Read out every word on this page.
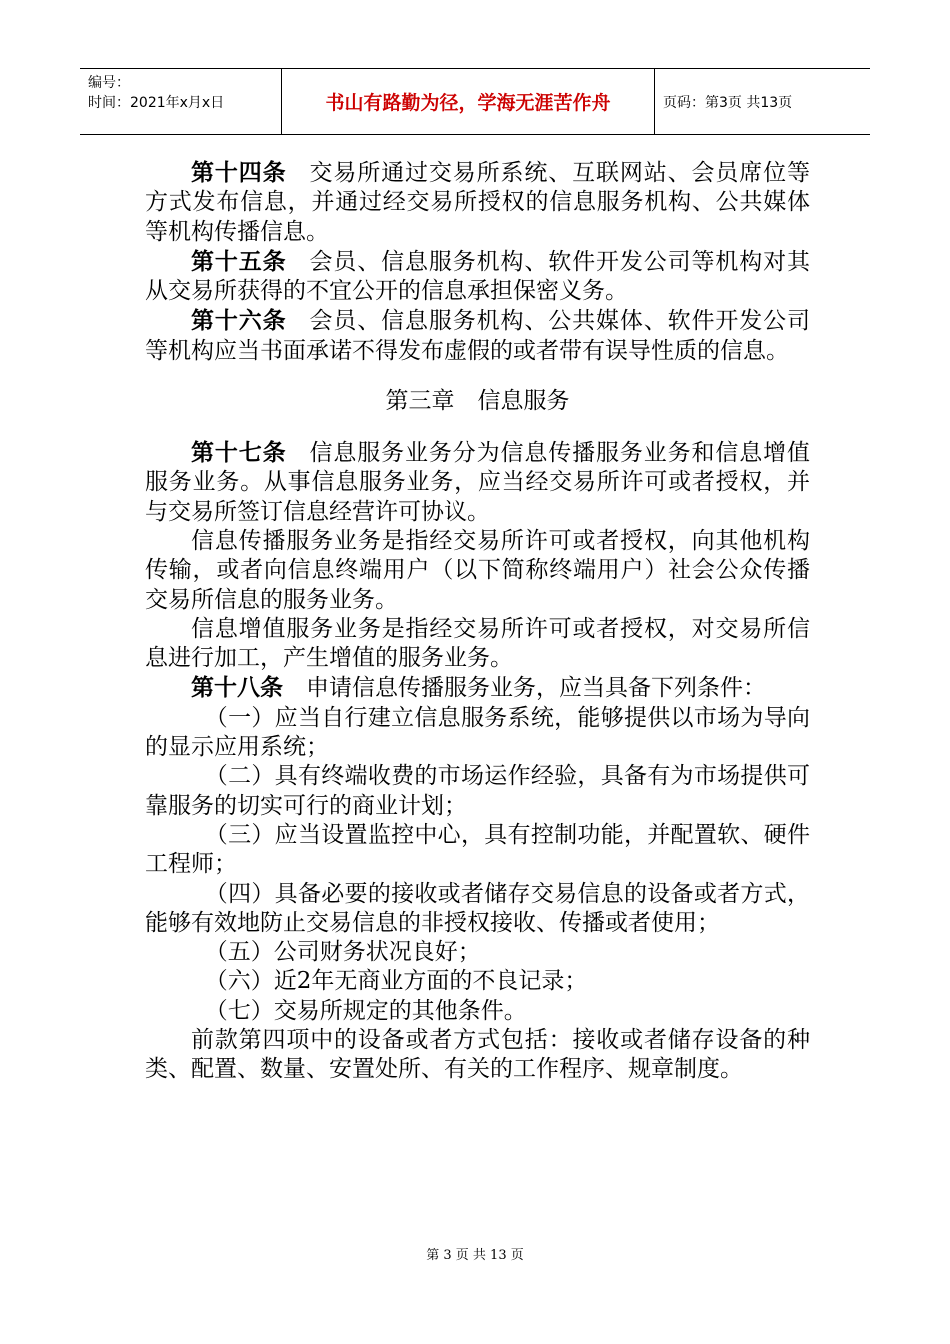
编号：
时间：2021年x月x日	书山有路勤为径，学海无涯苦作舟	页码：第3页 共13页

第十四条 交易所通过交易所系统、互联网站、会员席位等方式发布信息，并通过经交易所授权的信息服务机构、公共媒体等机构传播信息。

第十五条 会员、信息服务机构、软件开发公司等机构对其从交易所获得的不宜公开的信息承担保密义务。

第十六条 会员、信息服务机构、公共媒体、软件开发公司等机构应当书面承诺不得发布虚假的或者带有误导性质的信息。

第三章　信息服务

第十七条 信息服务业务分为信息传播服务业务和信息增值服务业务。从事信息服务业务，应当经交易所许可或者授权，并与交易所签订信息经营许可协议。

信息传播服务业务是指经交易所许可或者授权，向其他机构传输，或者向信息终端用户（以下简称终端用户）社会公众传播交易所信息的服务业务。

信息增值服务业务是指经交易所许可或者授权，对交易所信息进行加工，产生增值的服务业务。

第十八条 申请信息传播服务业务，应当具备下列条件：

（一）应当自行建立信息服务系统，能够提供以市场为导向的显示应用系统；

（二）具有终端收费的市场运作经验，具备有为市场提供可靠服务的切实可行的商业计划；

（三）应当设置监控中心，具有控制功能，并配置软、硬件工程师；

（四）具备必要的接收或者储存交易信息的设备或者方式，能够有效地防止交易信息的非授权接收、传播或者使用；

（五）公司财务状况良好；

（六）近2年无商业方面的不良记录；

（七）交易所规定的其他条件。

前款第四项中的设备或者方式包括：接收或者储存设备的种类、配置、数量、安置处所、有关的工作程序、规章制度。

第 3 页 共 13 页
